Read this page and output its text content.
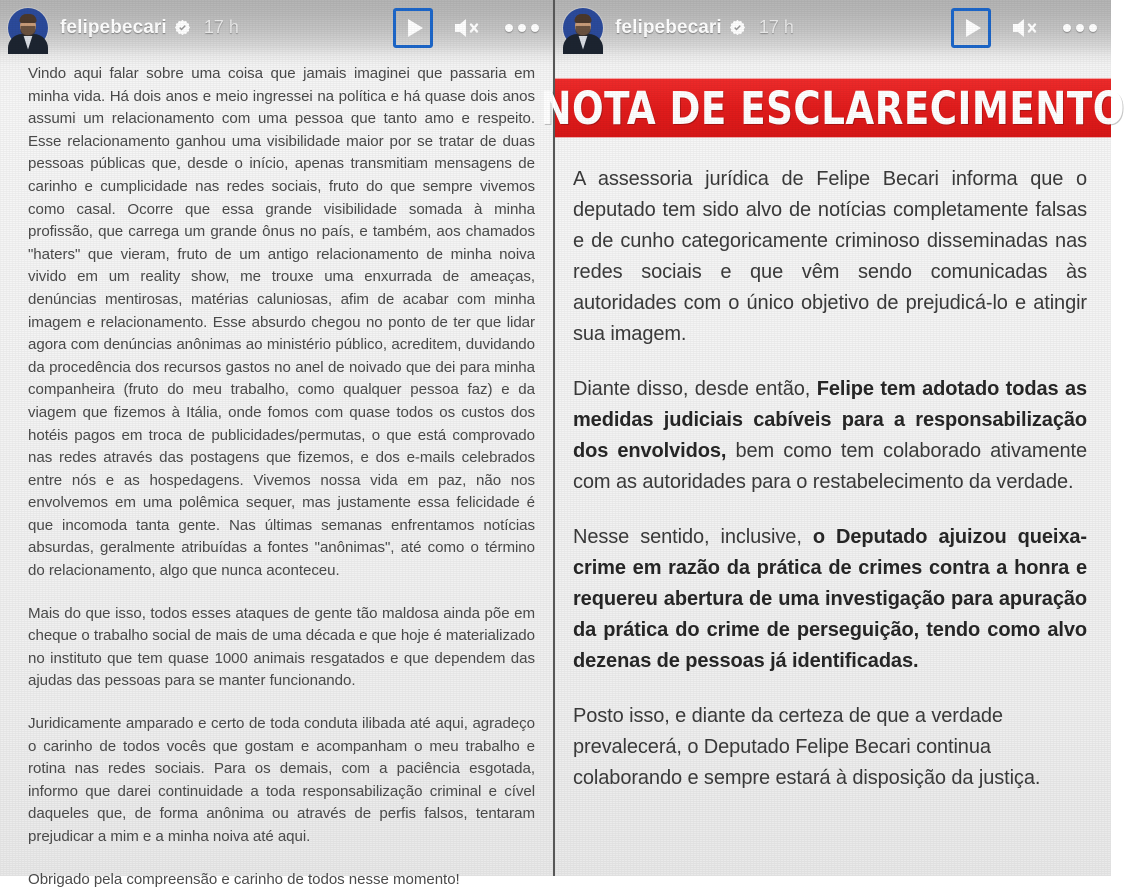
felipebecari 17 h

Vindo aqui falar sobre uma coisa que jamais imaginei que passaria em minha vida. Há dois anos e meio ingressei na política e há quase dois anos assumi um relacionamento com uma pessoa que tanto amo e respeito. Esse relacionamento ganhou uma visibilidade maior por se tratar de duas pessoas públicas que, desde o início, apenas transmitiam mensagens de carinho e cumplicidade nas redes sociais, fruto do que sempre vivemos como casal. Ocorre que essa grande visibilidade somada à minha profissão, que carrega um grande ônus no país, e também, aos chamados "haters" que vieram, fruto de um antigo relacionamento de minha noiva vivido em um reality show, me trouxe uma enxurrada de ameaças, denúncias mentirosas, matérias caluniosas, afim de acabar com minha imagem e relacionamento. Esse absurdo chegou no ponto de ter que lidar agora com denúncias anônimas ao ministério público, acreditem, duvidando da procedência dos recursos gastos no anel de noivado que dei para minha companheira (fruto do meu trabalho, como qualquer pessoa faz) e da viagem que fizemos à Itália, onde fomos com quase todos os custos dos hotéis pagos em troca de publicidades/permutas, o que está comprovado nas redes através das postagens que fizemos, e dos e-mails celebrados entre nós e as hospedagens. Vivemos nossa vida em paz, não nos envolvemos em uma polêmica sequer, mas justamente essa felicidade é que incomoda tanta gente. Nas últimas semanas enfrentamos notícias absurdas, geralmente atribuídas a fontes "anônimas", até como o término do relacionamento, algo que nunca aconteceu.

Mais do que isso, todos esses ataques de gente tão maldosa ainda põe em cheque o trabalho social de mais de uma década e que hoje é materializado no instituto que tem quase 1000 animais resgatados e que dependem das ajudas das pessoas para se manter funcionando.

Juridicamente amparado e certo de toda conduta ilibada até aqui, agradeço o carinho de todos vocês que gostam e acompanham o meu trabalho e rotina nas redes sociais. Para os demais, com a paciência esgotada, informo que darei continuidade a toda responsabilização criminal e cível daqueles que, de forma anônima ou através de perfis falsos, tentaram prejudicar a mim e a minha noiva até aqui.

Obrigado pela compreensão e carinho de todos nesse momento!

felipebecari 17 h
NOTA DE ESCLARECIMENTO

A assessoria jurídica de Felipe Becari informa que o deputado tem sido alvo de notícias completamente falsas e de cunho categoricamente criminoso disseminadas nas redes sociais e que vêm sendo comunicadas às autoridades com o único objetivo de prejudicá-lo e atingir sua imagem.

Diante disso, desde então, Felipe tem adotado todas as medidas judiciais cabíveis para a responsabilização dos envolvidos, bem como tem colaborado ativamente com as autoridades para o restabelecimento da verdade.

Nesse sentido, inclusive, o Deputado ajuizou queixa-crime em razão da prática de crimes contra a honra e requereu abertura de uma investigação para apuração da prática do crime de perseguição, tendo como alvo dezenas de pessoas já identificadas.

Posto isso, e diante da certeza de que a verdade prevalecerá, o Deputado Felipe Becari continua colaborando e sempre estará à disposição da justiça.
